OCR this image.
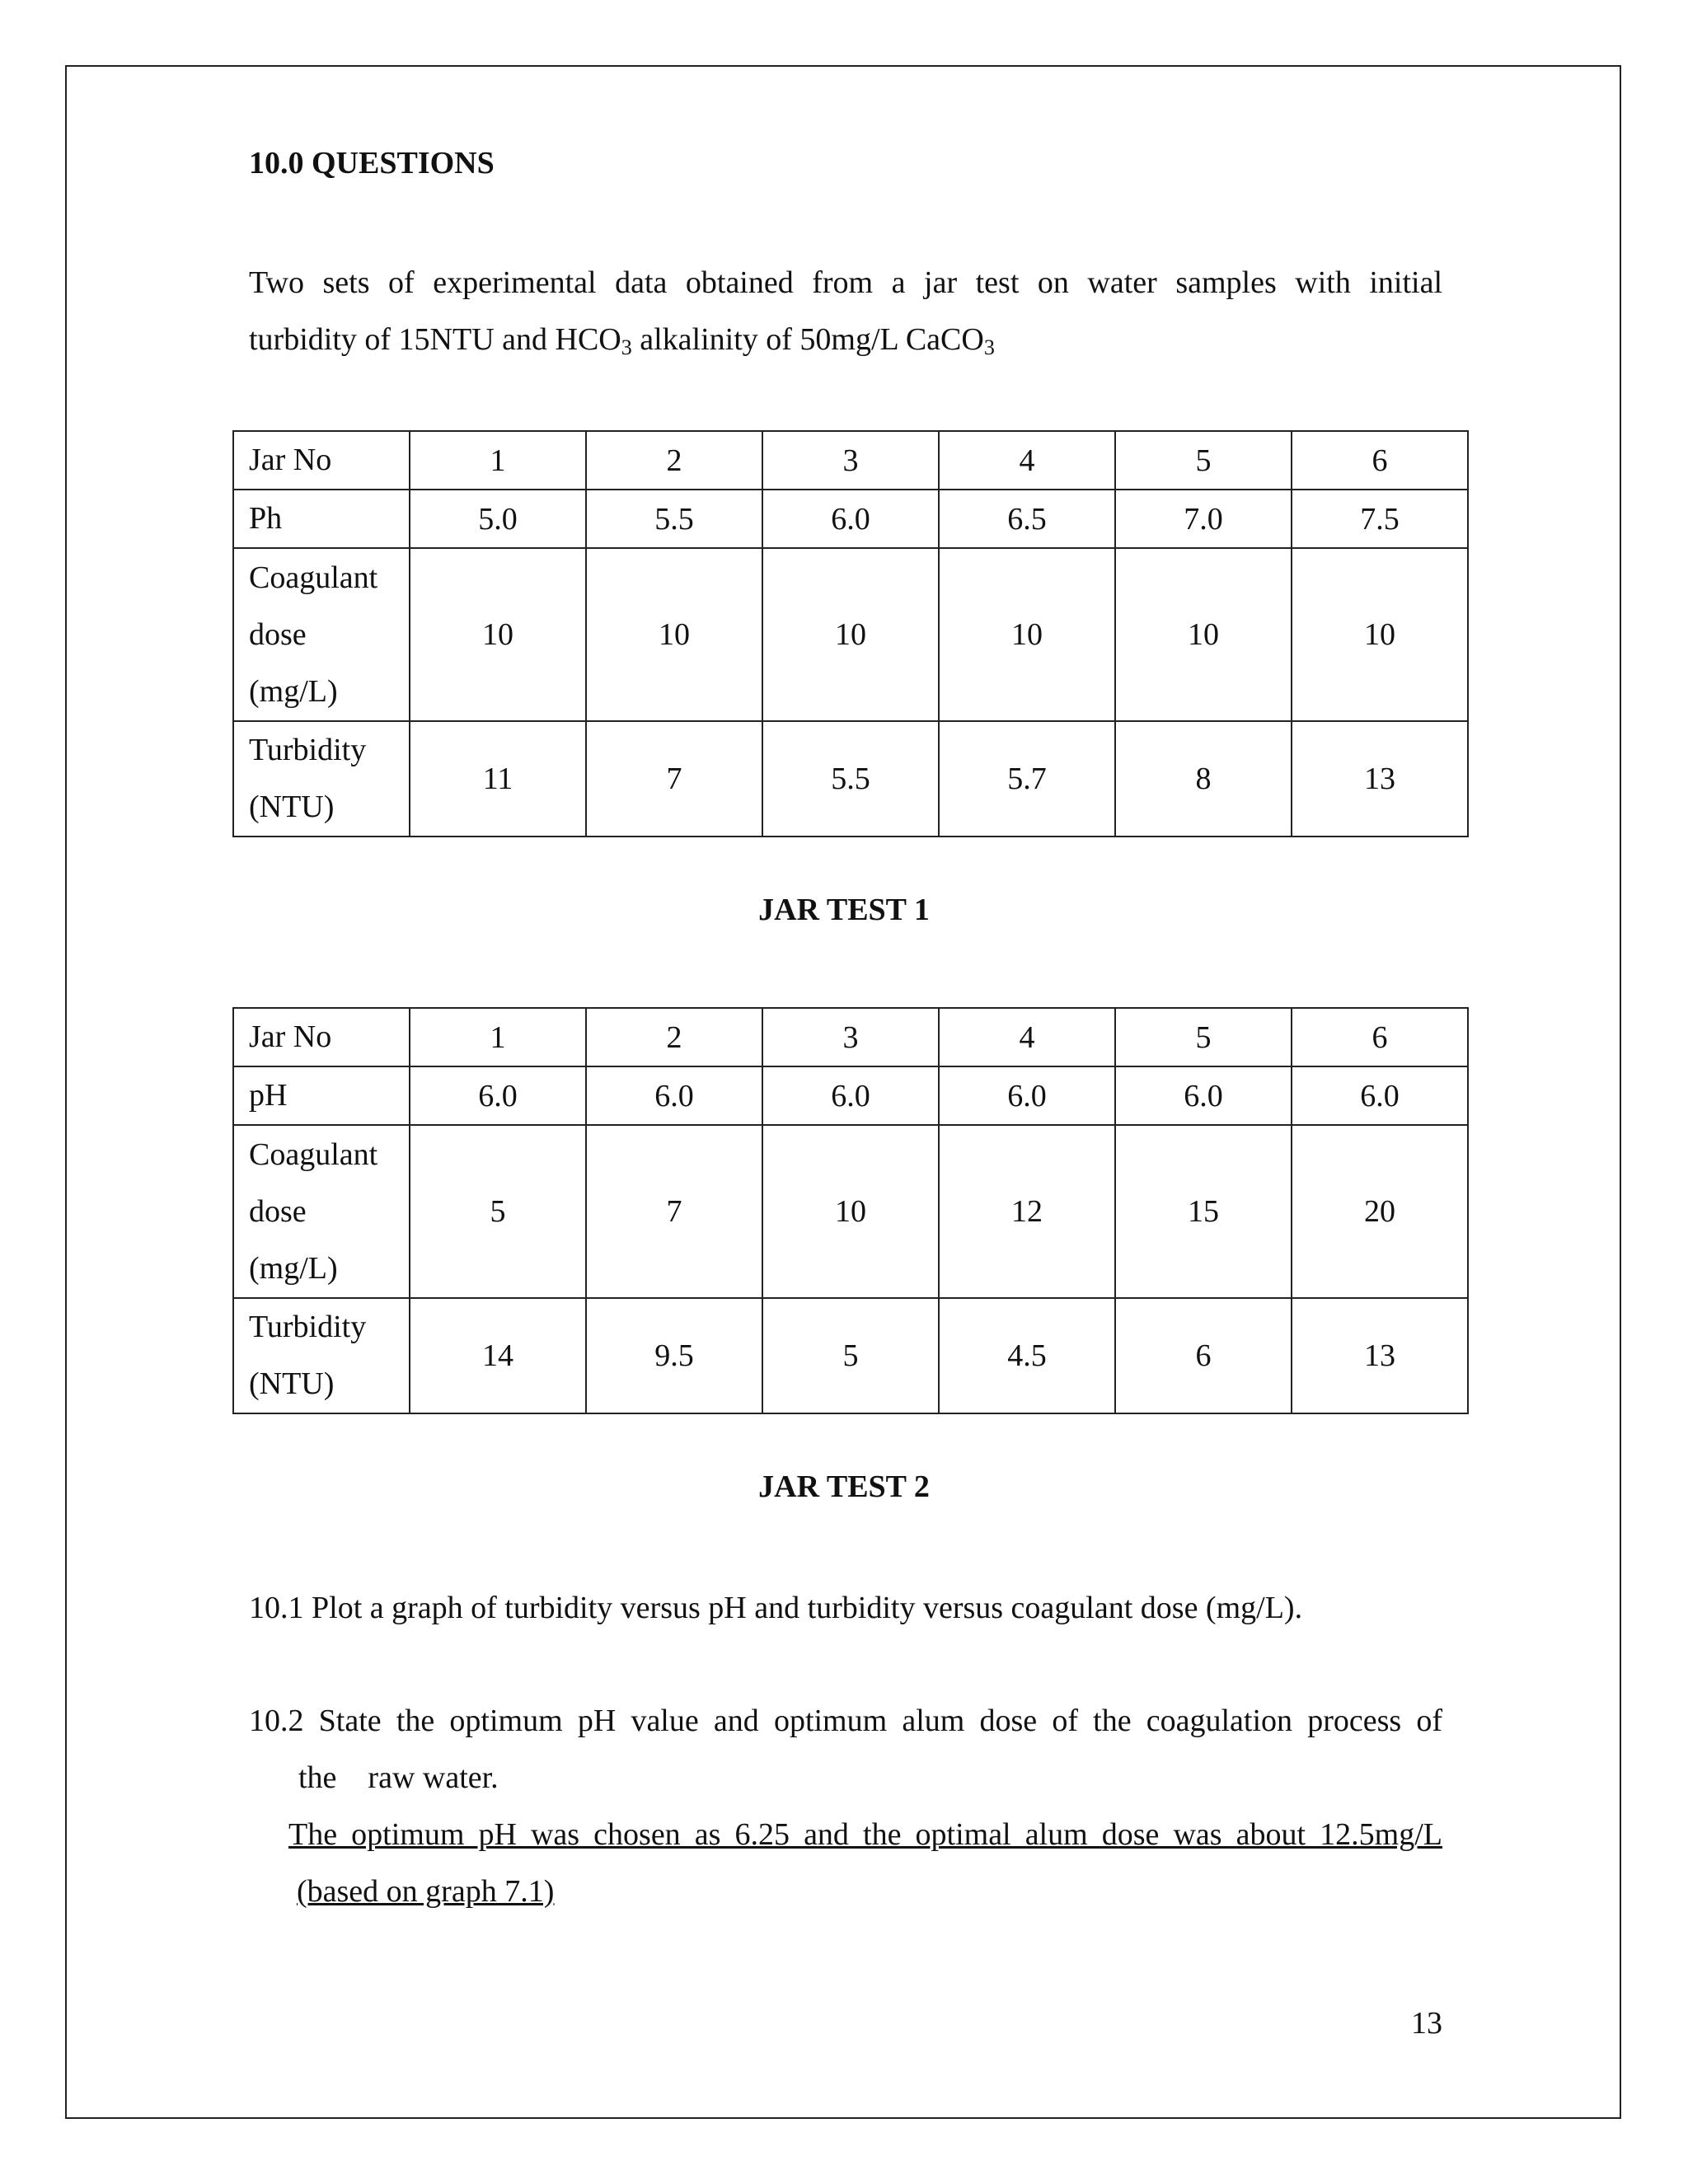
10.0 QUESTIONS
Two sets of experimental data obtained from a jar test on water samples with initial
turbidity of 15NTU and $HCO_3$ alkalinity of 50mg/L CaCO$_3$
Jar No	1	2	3	4	5	6
Ph	5.0	5.5	6.0	6.5	7.0	7.5
Coagulant
dose
(mg/L)	10	10	10	10	10	10
Turbidity
(NTU)	11	7	5.5	5.7	8	13
JAR TEST 1
Jar No	1	2	3	4	5	6
pH	6.0	6.0	6.0	6.0	6.0	6.0
Coagulant
dose
(mg/L)	5	7	10	12	15	20
Turbidity
(NTU)	14	9.5	5	4.5	6	13
JAR TEST 2
10.1 Plot a graph of turbidity versus pH and turbidity versus coagulant dose (mg/L).
10.2 State the optimum pH value and optimum alum dose of the coagulation process of
the    raw water.
The optimum pH was chosen as 6.25 and the optimal alum dose was about 12.5mg/L
(based on graph 7.1)
13
